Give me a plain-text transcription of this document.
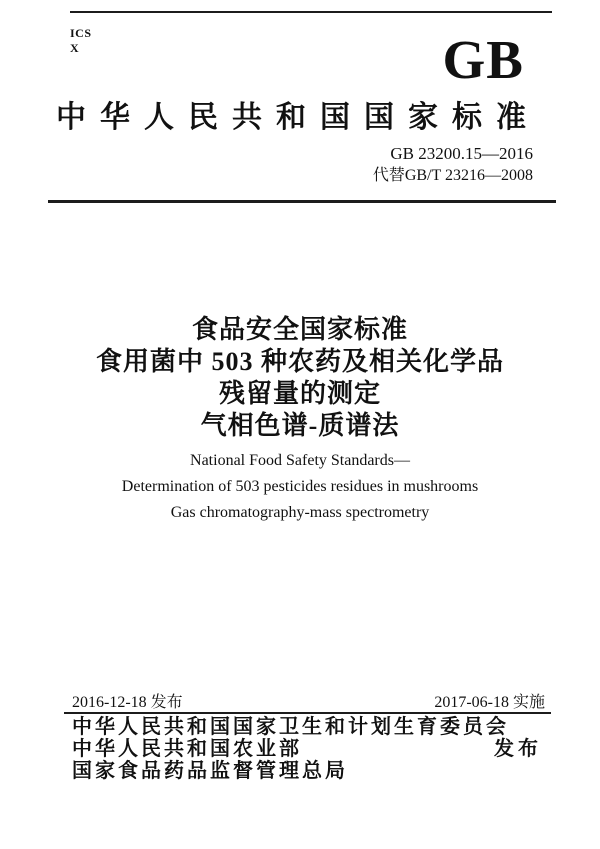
ICS
X	GB
中华人民共和国国家标准
GB 23200.15—2016
代替GB/T 23216—2008
食品安全国家标准
食用菌中 503 种农药及相关化学品
残留量的测定
气相色谱-质谱法
National Food Safety Standards—
Determination of 503 pesticides residues in mushrooms
Gas chromatography-mass spectrometry
2016-12-18 发布	2017-06-18 实施
中华人民共和国国家卫生和计划生育委员会
中华人民共和国农业部	发布
国家食品药品监督管理总局
